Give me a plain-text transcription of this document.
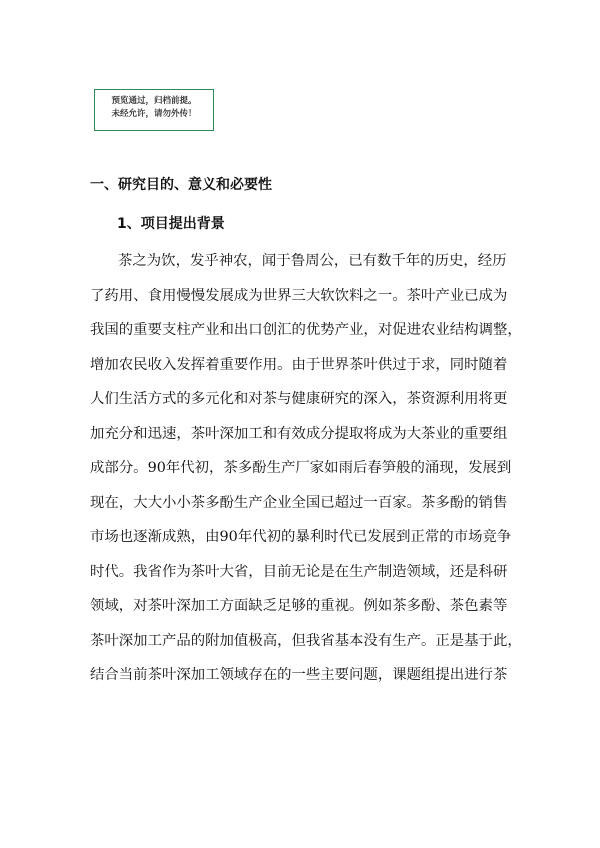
预览通过，归档前提。
未经允许，请勿外传！
一、研究目的、意义和必要性
1、项目提出背景
茶之为饮，发乎神农，闻于鲁周公，已有数千年的历史，经历
了药用、食用慢慢发展成为世界三大软饮料之一。茶叶产业已成为
我国的重要支柱产业和出口创汇的优势产业，对促进农业结构调整，
增加农民收入发挥着重要作用。由于世界茶叶供过于求，同时随着
人们生活方式的多元化和对茶与健康研究的深入，茶资源利用将更
加充分和迅速，茶叶深加工和有效成分提取将成为大茶业的重要组
成部分。90年代初，茶多酚生产厂家如雨后春笋般的涌现，发展到
现在，大大小小茶多酚生产企业全国已超过一百家。茶多酚的销售
市场也逐渐成熟，由90年代初的暴利时代已发展到正常的市场竞争
时代。我省作为茶叶大省，目前无论是在生产制造领域，还是科研
领域，对茶叶深加工方面缺乏足够的重视。例如茶多酚、茶色素等
茶叶深加工产品的附加值极高，但我省基本没有生产。正是基于此，
结合当前茶叶深加工领域存在的一些主要问题，课题组提出进行茶
